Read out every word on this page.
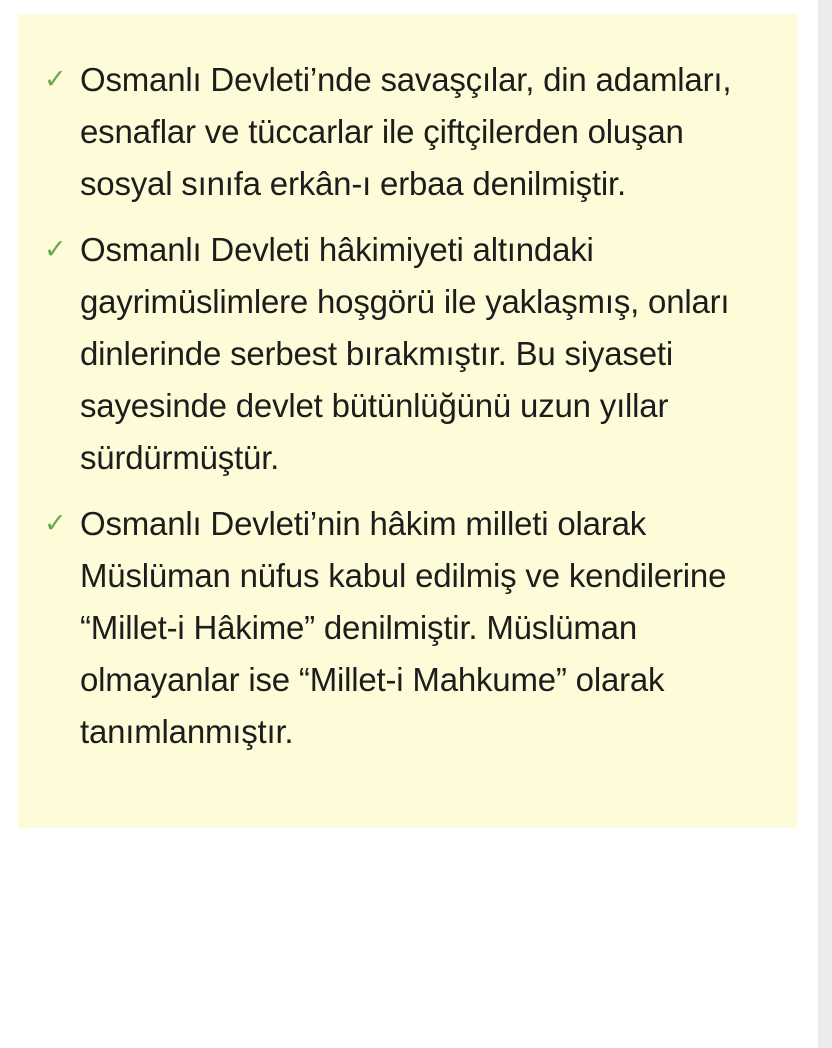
✓ Osmanlı Devleti’nde savaşçılar, din adamları, esnaflar ve tüccarlar ile çiftçilerden oluşan sosyal sınıfa erkân-ı erbaa denilmiştir.
✓ Osmanlı Devleti hâkimiyeti altındaki gayrimüslimlere hoşgörü ile yaklaşmış, onları dinlerinde serbest bırakmıştır. Bu siyaseti sayesinde devlet bütünlüğünü uzun yıllar sürdürmüştür.
✓ Osmanlı Devleti’nin hâkim milleti olarak Müslüman nüfus kabul edilmiş ve kendilerine “Millet-i Hâkime” denilmiştir. Müslüman olmayanlar ise “Millet-i Mahkume” olarak tanımlanmıştır.
